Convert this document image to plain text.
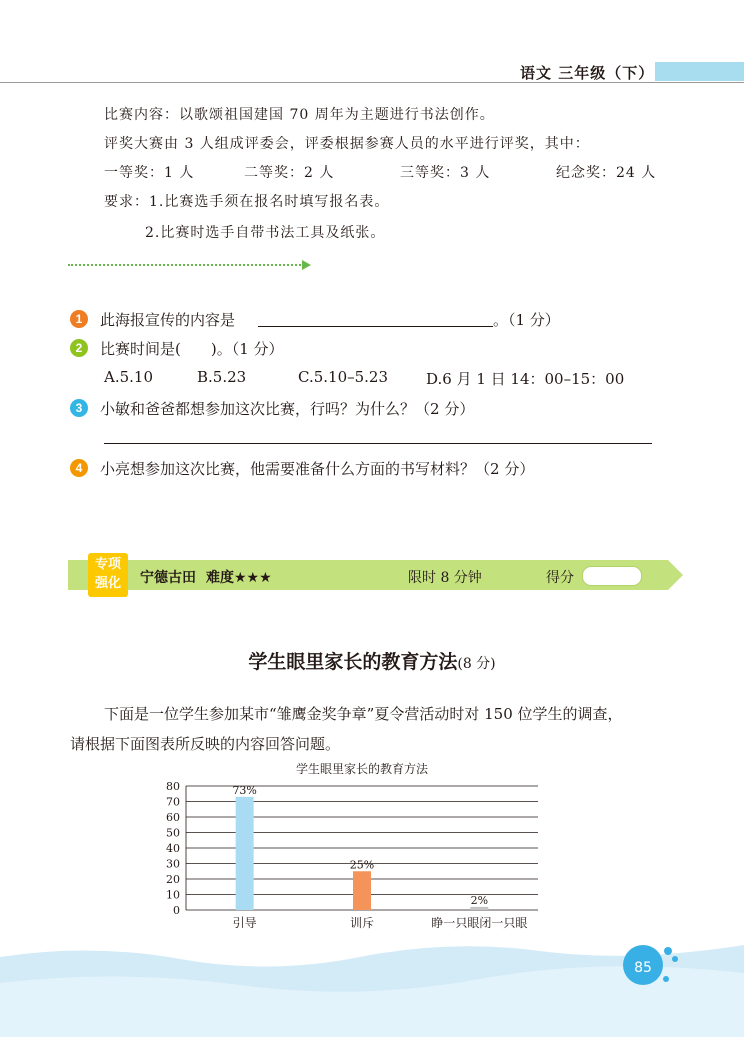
语文 三年级（下）
比赛内容：以歌颂祖国建国 70 周年为主题进行书法创作。
评奖大赛由 3 人组成评委会，评委根据参赛人员的水平进行评奖，其中：
一等奖：1 人	二等奖：2 人	三等奖：3 人	纪念奖：24 人
要求：1.比赛选手须在报名时填写报名表。
2.比赛时选手自带书法工具及纸张。
1	此海报宣传的内容是	。（1 分）
2	比赛时间是(　　)。（1 分）
A.5.10	B.5.23	C.5.10–5.23	D.6 月 1 日 14：00–15：00
3	小敏和爸爸都想参加这次比赛，行吗？为什么？（2 分）
4	小亮想参加这次比赛，他需要准备什么方面的书写材料？（2 分）
专项
强化	宁德古田 难度★★★	限时 8 分钟	得分
学生眼里家长的教育方法(8 分)
下面是一位学生参加某市“雏鹰金奖争章”夏令营活动时对 150 位学生的调查，
请根据下面图表所反映的内容回答问题。
学生眼里家长的教育方法
0
10
20
30
40
50
60
70
80	73%
引导
25%
训斥
2%
睁一只眼闭一只眼
85
